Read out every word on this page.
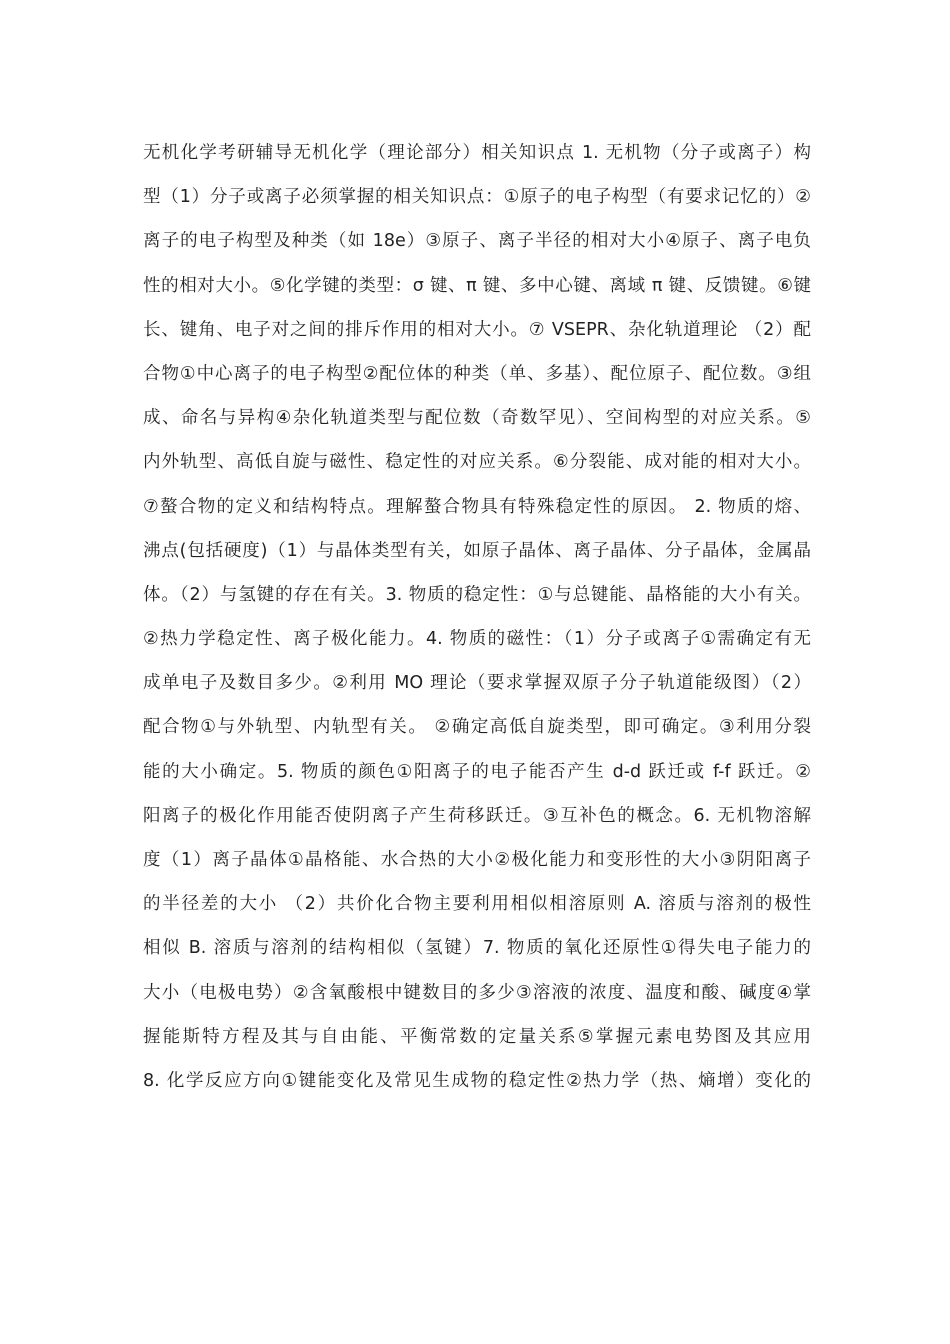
无机化学考研辅导无机化学（理论部分）相关知识点 1. 无机物（分子或离子）构
型（1）分子或离子必须掌握的相关知识点：①原子的电子构型（有要求记忆的）②
离子的电子构型及种类（如 18e）③原子、离子半径的相对大小④原子、离子电负
性的相对大小。⑤化学键的类型：σ 键、π 键、多中心键、离域 π 键、反馈键。⑥键
长、键角、电子对之间的排斥作用的相对大小。⑦ VSEPR、杂化轨道理论 （2）配
合物①中心离子的电子构型②配位体的种类（单、多基）、配位原子、配位数。③组
成、命名与异构④杂化轨道类型与配位数（奇数罕见）、空间构型的对应关系。⑤
内外轨型、高低自旋与磁性、稳定性的对应关系。⑥分裂能、成对能的相对大小。
⑦螯合物的定义和结构特点。理解螯合物具有特殊稳定性的原因。 2. 物质的熔、
沸点(包括硬度)（1）与晶体类型有关，如原子晶体、离子晶体、分子晶体，金属晶
体。（2）与氢键的存在有关。3. 物质的稳定性：①与总键能、晶格能的大小有关。
②热力学稳定性、离子极化能力。4. 物质的磁性：（1）分子或离子①需确定有无
成单电子及数目多少。②利用 MO 理论（要求掌握双原子分子轨道能级图）（2）
配合物①与外轨型、内轨型有关。 ②确定高低自旋类型，即可确定。③利用分裂
能的大小确定。5. 物质的颜色①阳离子的电子能否产生 d-d 跃迁或 f-f 跃迁。②
阳离子的极化作用能否使阴离子产生荷移跃迁。③互补色的概念。6. 无机物溶解
度（1）离子晶体①晶格能、水合热的大小②极化能力和变形性的大小③阴阳离子
的半径差的大小 （2）共价化合物主要利用相似相溶原则 A. 溶质与溶剂的极性
相似 B. 溶质与溶剂的结构相似（氢键）7. 物质的氧化还原性①得失电子能力的
大小（电极电势）②含氧酸根中键数目的多少③溶液的浓度、温度和酸、碱度④掌
握能斯特方程及其与自由能、平衡常数的定量关系⑤掌握元素电势图及其应用
8. 化学反应方向①键能变化及常见生成物的稳定性②热力学（热、熵增）变化的
